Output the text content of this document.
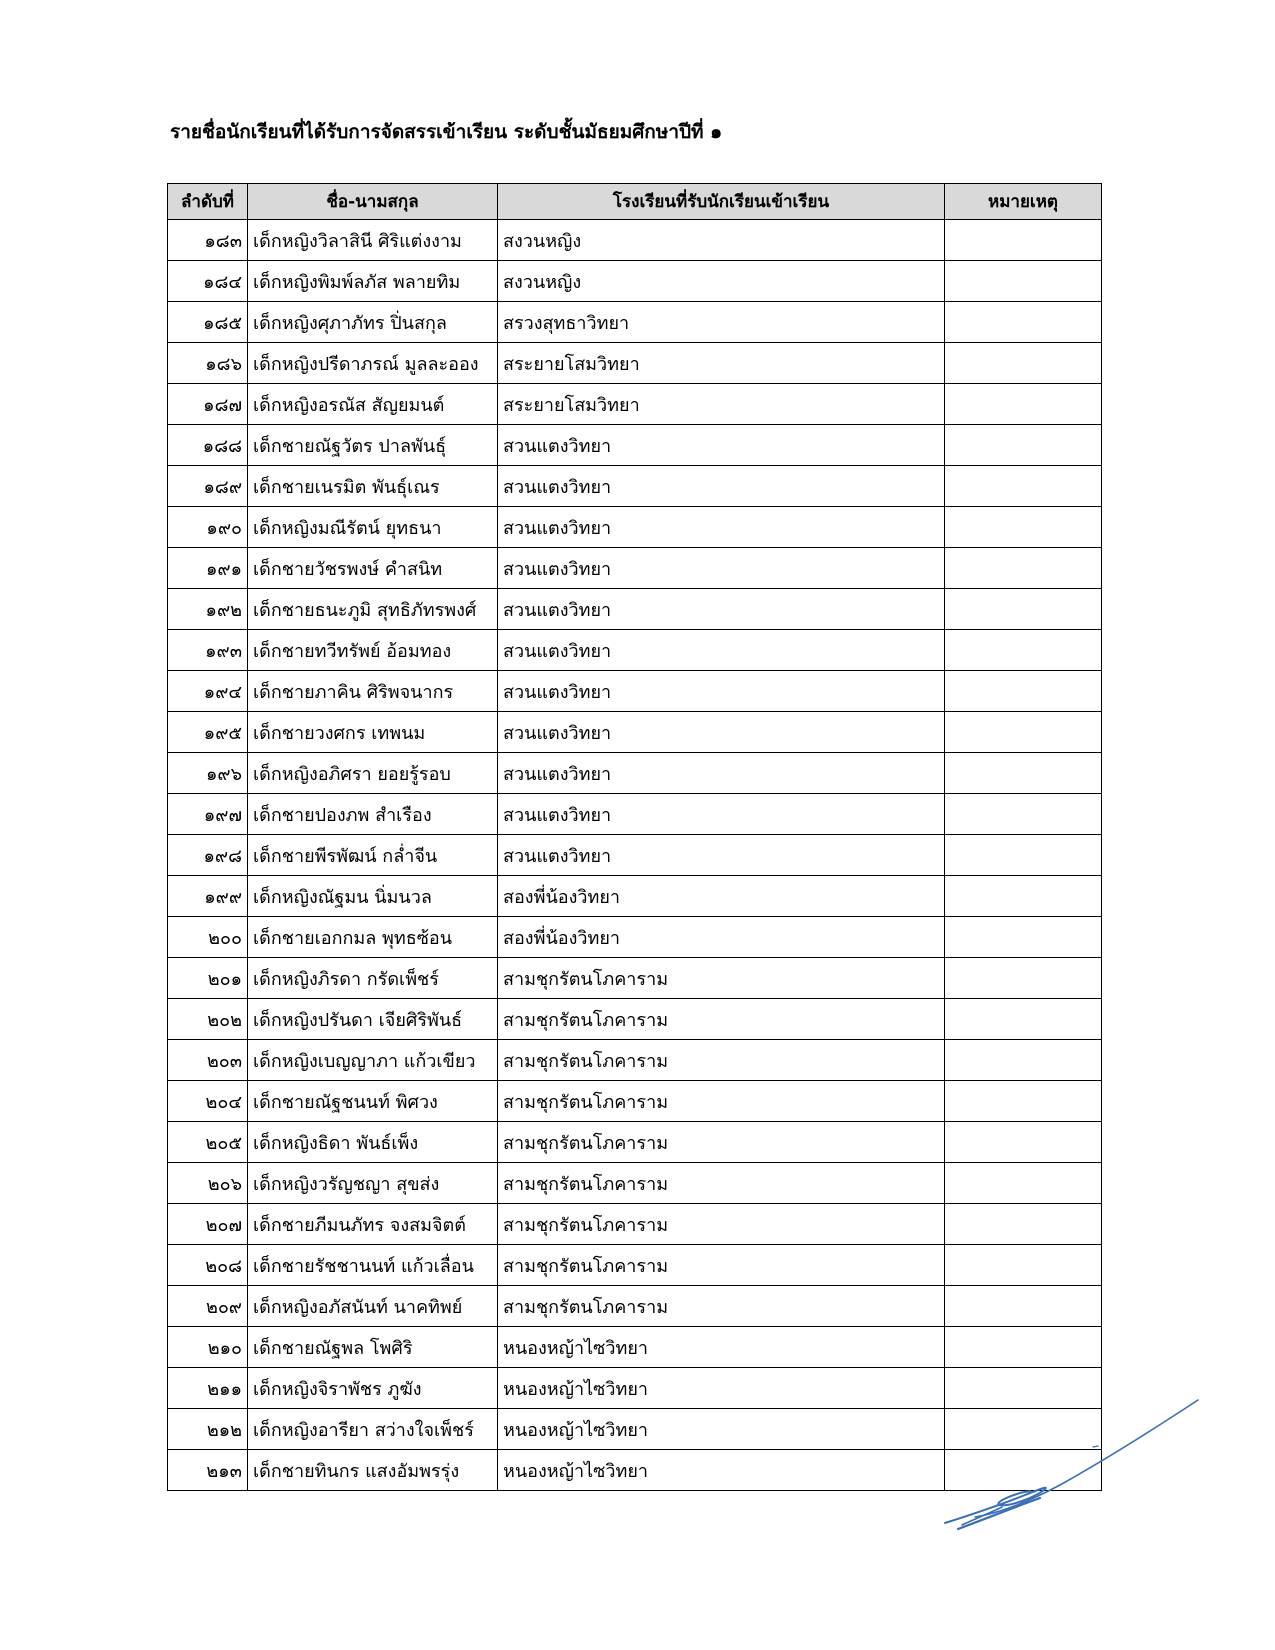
รายชื่อนักเรียนที่ได้รับการจัดสรรเข้าเรียน ระดับชั้นมัธยมศึกษาปีที่ ๑
ลำดับที่	ชื่อ-นามสกุล	โรงเรียนที่รับนักเรียนเข้าเรียน	หมายเหตุ
๑๘๓	เด็กหญิงวิลาสินี ศิริแต่งงาม	สงวนหญิง	
๑๘๔	เด็กหญิงพิมพ์ลภัส พลายทิม	สงวนหญิง	
๑๘๕	เด็กหญิงศุภาภัทร ปิ่นสกุล	สรวงสุทธาวิทยา	
๑๘๖	เด็กหญิงปรีดาภรณ์ มูลละออง	สระยายโสมวิทยา	
๑๘๗	เด็กหญิงอรณัส สัญยมนต์	สระยายโสมวิทยา	
๑๘๘	เด็กชายณัฐวัตร ปาลพันธุ์	สวนแตงวิทยา	
๑๘๙	เด็กชายเนรมิต พันธุ์เณร	สวนแตงวิทยา	
๑๙๐	เด็กหญิงมณีรัตน์ ยุทธนา	สวนแตงวิทยา	
๑๙๑	เด็กชายวัชรพงษ์ คำสนิท	สวนแตงวิทยา	
๑๙๒	เด็กชายธนะภูมิ สุทธิภัทรพงศ์	สวนแตงวิทยา	
๑๙๓	เด็กชายทวีทรัพย์ อ้อมทอง	สวนแตงวิทยา	
๑๙๔	เด็กชายภาคิน ศิริพจนากร	สวนแตงวิทยา	
๑๙๕	เด็กชายวงศกร เทพนม	สวนแตงวิทยา	
๑๙๖	เด็กหญิงอภิศรา ยอยรู้รอบ	สวนแตงวิทยา	
๑๙๗	เด็กชายปองภพ สำเรือง	สวนแตงวิทยา	
๑๙๘	เด็กชายพีรพัฒน์ กล่ำจีน	สวนแตงวิทยา	
๑๙๙	เด็กหญิงณัฐมน นิ่มนวล	สองพี่น้องวิทยา	
๒๐๐	เด็กชายเอกกมล พุทธซ้อน	สองพี่น้องวิทยา	
๒๐๑	เด็กหญิงภิรดา กรัดเพ็ชร์	สามชุกรัตนโภคาราม	
๒๐๒	เด็กหญิงปรันดา เจียศิริพันธ์	สามชุกรัตนโภคาราม	
๒๐๓	เด็กหญิงเบญญาภา แก้วเขียว	สามชุกรัตนโภคาราม	
๒๐๔	เด็กชายณัฐชนนท์ พิศวง	สามชุกรัตนโภคาราม	
๒๐๕	เด็กหญิงธิดา พันธ์เพ็ง	สามชุกรัตนโภคาราม	
๒๐๖	เด็กหญิงวรัญชญา สุขส่ง	สามชุกรัตนโภคาราม	
๒๐๗	เด็กชายภีมนภัทร จงสมจิตต์	สามชุกรัตนโภคาราม	
๒๐๘	เด็กชายรัชชานนท์ แก้วเลื่อน	สามชุกรัตนโภคาราม	
๒๐๙	เด็กหญิงอภัสนันท์ นาคทิพย์	สามชุกรัตนโภคาราม	
๒๑๐	เด็กชายณัฐพล โพศิริ	หนองหญ้าไซวิทยา	
๒๑๑	เด็กหญิงจิราพัชร ภูฆัง	หนองหญ้าไซวิทยา	
๒๑๒	เด็กหญิงอารียา สว่างใจเพ็ชร์	หนองหญ้าไซวิทยา	
๒๑๓	เด็กชายทินกร แสงอัมพรรุ่ง	หนองหญ้าไซวิทยา	
